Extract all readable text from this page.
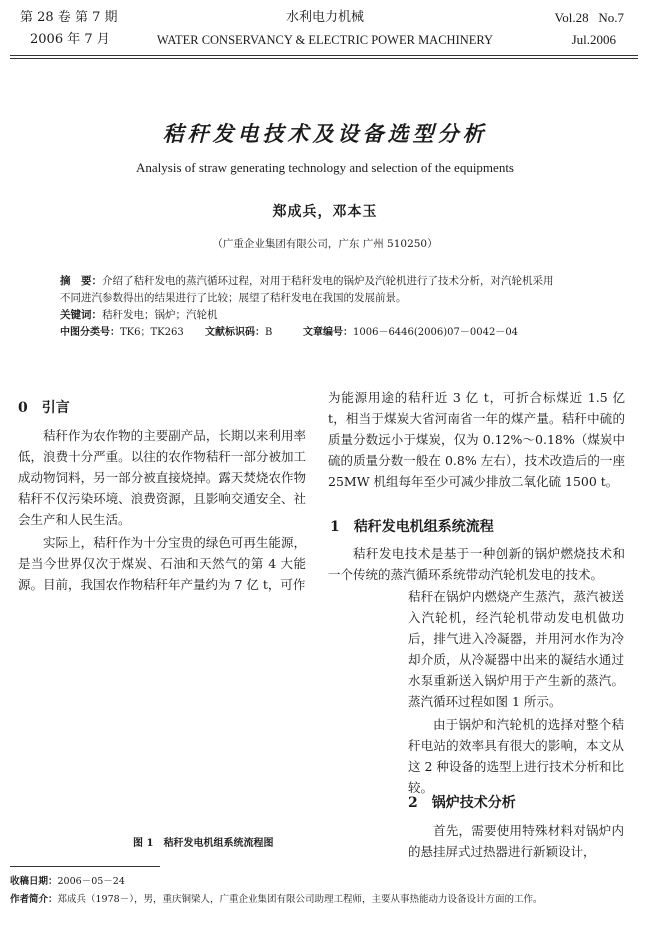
第 28 卷 第 7 期
2006 年 7 月
水利电力机械
WATER CONSERVANCY & ELECTRIC POWER MACHINERY
Vol.28   No.7
Jul.2006
秸秆发电技术及设备选型分析
Analysis of straw generating technology and selection of the equipments
郑成兵，邓本玉
（广重企业集团有限公司，广东 广州 510250）
摘　要：介绍了秸秆发电的蒸汽循环过程，对用于秸秆发电的锅炉及汽轮机进行了技术分析，对汽轮机采用
不同进汽参数得出的结果进行了比较；展望了秸秆发电在我国的发展前景。
关键词：秸秆发电；锅炉；汽轮机
中图分类号：TK6；TK263 文献标识码：B	文章编号：1006－6446(2006)07－0042－04
0　引言

秸秆作为农作物的主要副产品，长期以来利用率低，浪费十分严重。以往的农作物秸秆一部分被加工成动物饲料，另一部分被直接烧掉。露天焚烧农作物秸秆不仅污染环境、浪费资源，且影响交通安全、社会生产和人民生活。

实际上，秸秆作为十分宝贵的绿色可再生能源，是当今世界仅次于煤炭、石油和天然气的第 4 大能源。目前，我国农作物秸秆年产量约为 7 亿 t，可作

图 1　秸秆发电机组系统流程图
为能源用途的秸秆近 3 亿 t，可折合标煤近 1.5 亿 t，相当于煤炭大省河南省一年的煤产量。秸秆中硫的质量分数远小于煤炭，仅为 0.12%～0.18%（煤炭中硫的质量分数一般在 0.8% 左右），技术改造后的一座 25MW 机组每年至少可减少排放二氧化硫 1500 t。
1　秸秆发电机组系统流程

秸秆发电技术是基于一种创新的锅炉燃烧技术和一个传统的蒸汽循环系统带动汽轮机发电的技术。

秸秆在锅炉内燃烧产生蒸汽，蒸汽被送入汽轮机，经汽轮机带动发电机做功后，排气进入冷凝器，并用河水作为冷却介质，从冷凝器中出来的凝结水通过水泵重新送入锅炉用于产生新的蒸汽。蒸汽循环过程如图 1 所示。

由于锅炉和汽轮机的选择对整个秸秆电站的效率具有很大的影响，本文从这 2 种设备的选型上进行技术分析和比较。

2　锅炉技术分析

首先，需要使用特殊材料对锅炉内的悬挂屏式过热器进行新颖设计，

收稿日期：2006－05－24
作者简介：郑成兵（1978－），男，重庆铜梁人，广重企业集团有限公司助理工程师，主要从事热能动力设备设计方面的工作。
